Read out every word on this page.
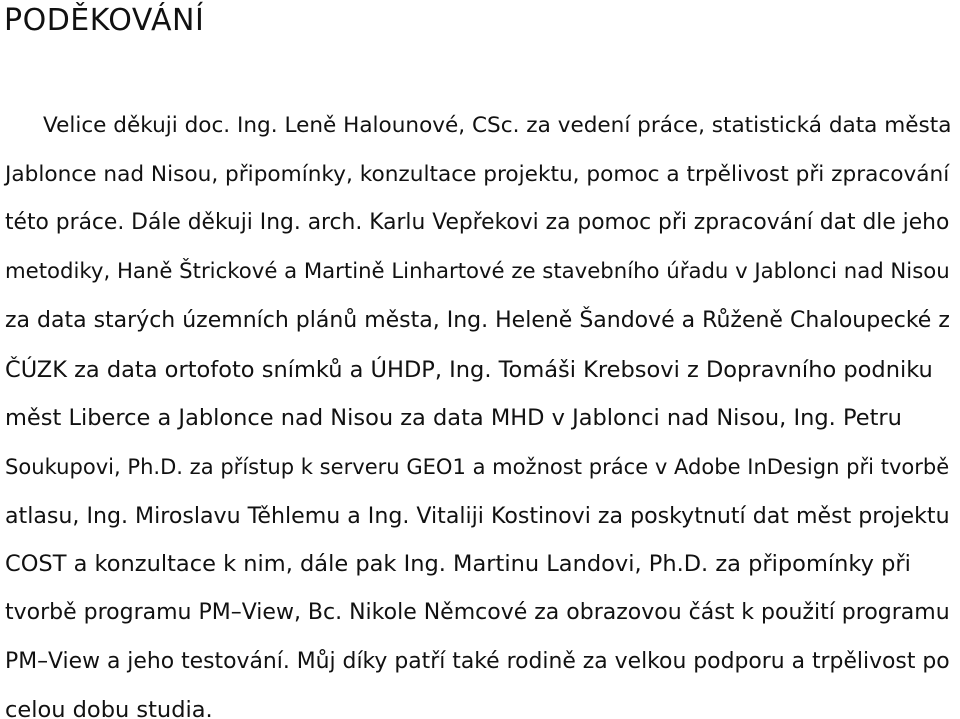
PODĚKOVÁNÍ

Velice děkuji doc. Ing. Leně Halounové, CSc. za vedení práce, statistická data města
Jablonce nad Nisou, připomínky, konzultace projektu, pomoc a trpělivost při zpracování
této práce. Dále děkuji Ing. arch. Karlu Vepřekovi za pomoc při zpracování dat dle jeho
metodiky, Haně Štrickové a Martině Linhartové ze stavebního úřadu v Jablonci nad Nisou
za data starých územních plánů města, Ing. Heleně Šandové a Růženě Chaloupecké z
ČÚZK za data ortofoto snímků a ÚHDP, Ing. Tomáši Krebsovi z Dopravního podniku
měst Liberce a Jablonce nad Nisou za data MHD v Jablonci nad Nisou, Ing. Petru
Soukupovi, Ph.D. za přístup k serveru GEO1 a možnost práce v Adobe InDesign při tvorbě
atlasu, Ing. Miroslavu Těhlemu a Ing. Vitaliji Kostinovi za poskytnutí dat měst projektu
COST a konzultace k nim, dále pak Ing. Martinu Landovi, Ph.D. za připomínky při
tvorbě programu PM–View, Bc. Nikole Němcové za obrazovou část k použití programu
PM–View a jeho testování. Můj díky patří také rodině za velkou podporu a trpělivost po
celou dobu studia.
